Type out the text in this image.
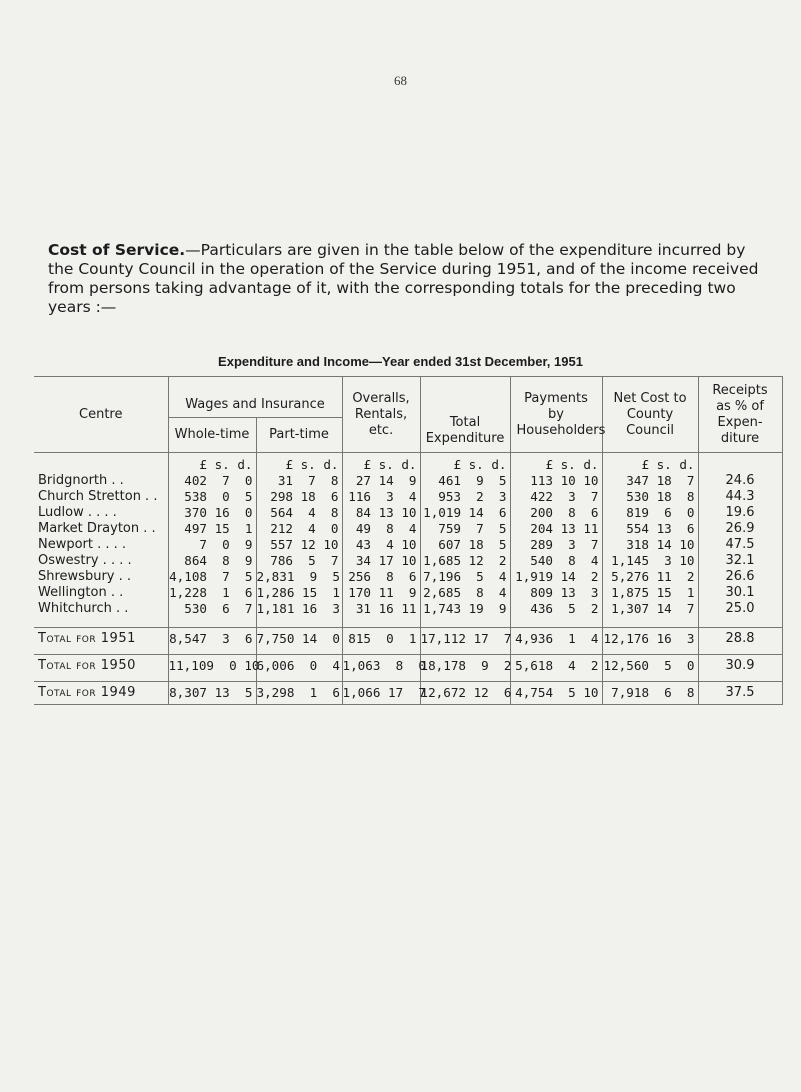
68
Cost of Service.—Particulars are given in the table below of the expenditure incurred by the County Council in the operation of the Service during 1951, and of the income received from persons taking advantage of it, with the corresponding totals for the preceding two years :—
Expenditure and Income—Year ended 31st December, 1951
Centre	Wages and Insurance		Overalls, Rentals, etc.	Total Expenditure	Payments by Householders	Net Cost to County Council	Receipts as % of Expen- diture
	Whole-time	Part-time					
	£ s. d.	£ s. d.	£ s. d.	£ s. d.	£ s. d.	£ s. d.	
Bridgnorth . .	402  7  0	31  7  8	27 14  9	461  9  5	113 10 10	347 18  7	24.6
Church Stretton . .	538  0  5	298 18  6	116  3  4	953  2  3	422  3  7	530 18  8	44.3
Ludlow . . . .	370 16  0	564  4  8	84 13 10	1,019 14  6	200  8  6	819  6  0	19.6
Market Drayton . .	497 15  1	212  4  0	49  8  4	759  7  5	204 13 11	554 13  6	26.9
Newport . . . .	7  0  9	557 12 10	43  4 10	607 18  5	289  3  7	318 14 10	47.5
Oswestry . . . .	864  8  9	786  5  7	34 17 10	1,685 12  2	540  8  4	1,145  3 10	32.1
Shrewsbury . .	4,108  7  5	2,831  9  5	256  8  6	7,196  5  4	1,919 14  2	5,276 11  2	26.6
Wellington . .	1,228  1  6	1,286 15  1	170 11  9	2,685  8  4	809 13  3	1,875 15  1	30.1
Whitchurch . .	530  6  7	1,181 16  3	31 16 11	1,743 19  9	436  5  2	1,307 14  7	25.0

Total for 1951	8,547  3  6	7,750 14  0	815  0  1	17,112 17  7	4,936  1  4	12,176 16  3	28.8

Total for 1950	11,109  0 10	6,006  0  4	1,063  8  0	18,178  9  2	5,618  4  2	12,560  5  0	30.9

Total for 1949	8,307 13  5	3,298  1  6	1,066 17  7	12,672 12  6	4,754  5 10	7,918  6  8	37.5
